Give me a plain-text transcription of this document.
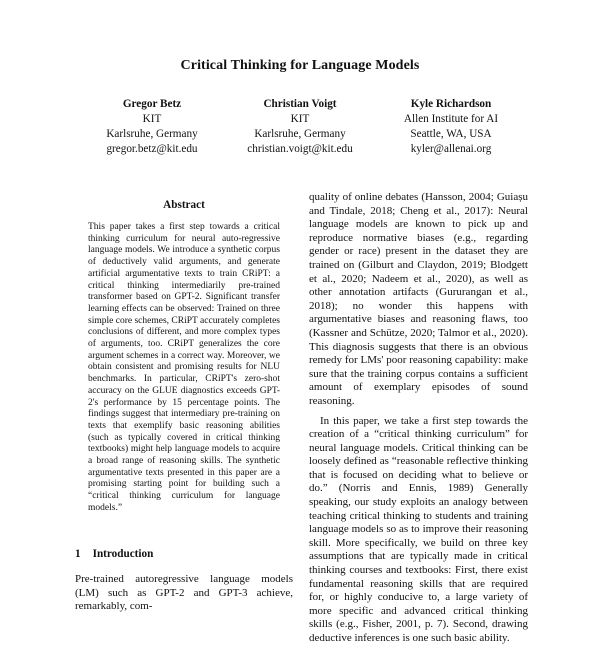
Critical Thinking for Language Models
Gregor Betz
KIT
Karlsruhe, Germany
gregor.betz@kit.edu
Christian Voigt
KIT
Karlsruhe, Germany
christian.voigt@kit.edu
Kyle Richardson
Allen Institute for AI
Seattle, WA, USA
kyler@allenai.org
Abstract
This paper takes a first step towards a critical thinking curriculum for neural auto-regressive language models. We introduce a synthetic corpus of deductively valid arguments, and generate artificial argumentative texts to train CRiPT: a critical thinking intermediarily pre-trained transformer based on GPT-2. Significant transfer learning effects can be observed: Trained on three simple core schemes, CRiPT accurately completes conclusions of different, and more complex types of arguments, too. CRiPT generalizes the core argument schemes in a correct way. Moreover, we obtain consistent and promising results for NLU benchmarks. In particular, CRiPT's zero-shot accuracy on the GLUE diagnostics exceeds GPT-2's performance by 15 percentage points. The findings suggest that intermediary pre-training on texts that exemplify basic reasoning abilities (such as typically covered in critical thinking textbooks) might help language models to acquire a broad range of reasoning skills. The synthetic argumentative texts presented in this paper are a promising starting point for building such a “critical thinking curriculum for language models.”
1 Introduction
Pre-trained autoregressive language models (LM) such as GPT-2 and GPT-3 achieve, remarkably, com-

quality of online debates (Hansson, 2004; Guiașu and Tindale, 2018; Cheng et al., 2017): Neural language models are known to pick up and reproduce normative biases (e.g., regarding gender or race) present in the dataset they are trained on (Gilburt and Claydon, 2019; Blodgett et al., 2020; Nadeem et al., 2020), as well as other annotation artifacts (Gururangan et al., 2018); no wonder this happens with argumentative biases and reasoning flaws, too (Kassner and Schütze, 2020; Talmor et al., 2020). This diagnosis suggests that there is an obvious remedy for LMs' poor reasoning capability: make sure that the training corpus contains a sufficient amount of exemplary episodes of sound reasoning.

In this paper, we take a first step towards the creation of a “critical thinking curriculum” for neural language models. Critical thinking can be loosely defined as “reasonable reflective thinking that is focused on deciding what to believe or do.” (Norris and Ennis, 1989) Generally speaking, our study exploits an analogy between teaching critical thinking to students and training language models so as to improve their reasoning skill. More specifically, we build on three key assumptions that are typically made in critical thinking courses and textbooks: First, there exist fundamental reasoning skills that are required for, or highly conducive to, a large variety of more specific and advanced critical thinking skills (e.g., Fisher, 2001, p. 7). Second, drawing deductive inferences is one such basic ability.
